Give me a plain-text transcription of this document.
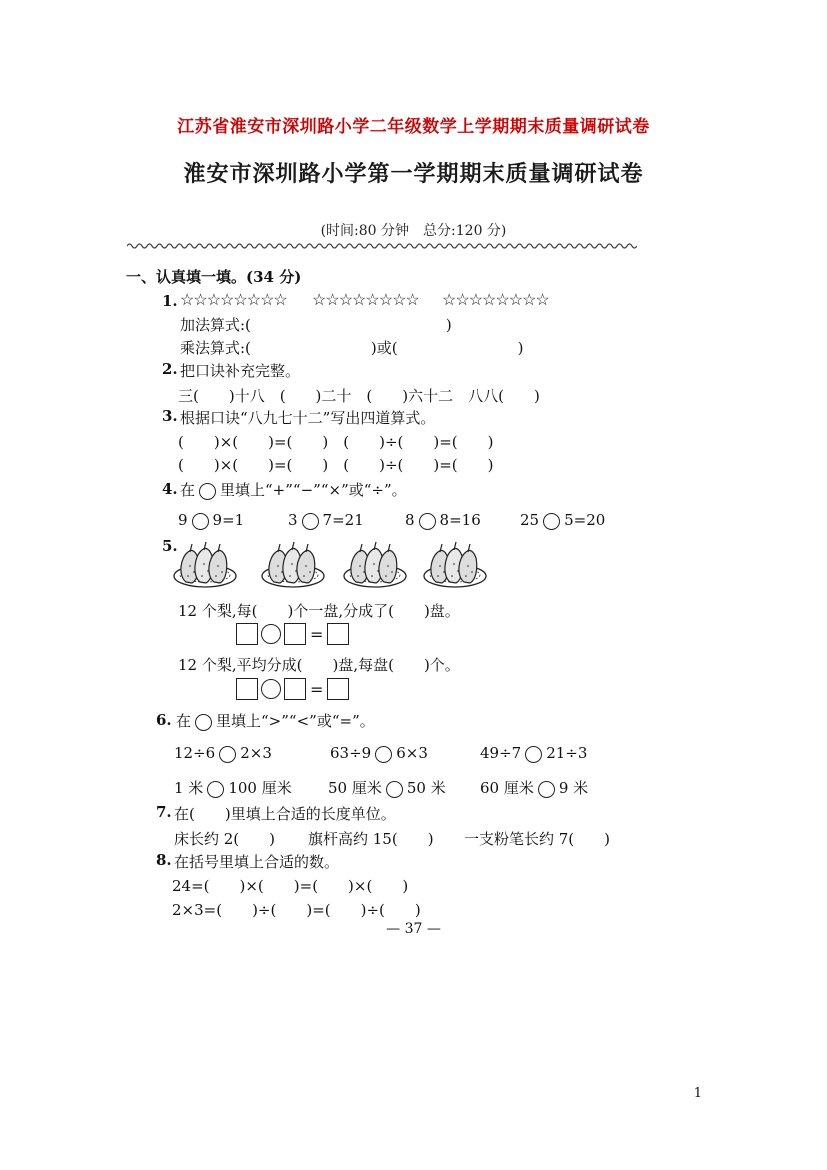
江苏省淮安市深圳路小学二年级数学上学期期末质量调研试卷
淮安市深圳路小学第一学期期末质量调研试卷
(时间:80 分钟　总分:120 分)
一、认真填一填。(34 分)
1. ☆☆☆☆☆☆☆☆ ☆☆☆☆☆☆☆☆ ☆☆☆☆☆☆☆☆
加法算式:(　　　　　　　　　　　　　)
乘法算式:(　　　　　　　　)或(　　　　　　　　)
2. 把口诀补充完整。
三(　　)十八　(　　)二十　(　　)六十二　八八(　　)
3. 根据口诀“八九七十二”写出四道算式。
(　　)×(　　)=(　　)　(　　)÷(　　)=(　　)
(　　)×(　　)=(　　)　(　　)÷(　　)=(　　)
4. 在 里填上“+”“−”“×”或“÷”。
9 9=1	3 7=21	8 8=16	25 5=20
5.
12 个梨,每(　　)个一盘,分成了(　　)盘。
=
12 个梨,平均分成(　　)盘,每盘(　　)个。
=
6. 在 里填上“>”“<”或“=”。
12÷6 2×3	63÷9 6×3	49÷7 21÷3
1 米 100 厘米 50 厘米 50 米 60 厘米 9 米
7. 在(　　)里填上合适的长度单位。
床长约 2(　　) 旗杆高约 15(　　) 一支粉笔长约 7(　　)
8. 在括号里填上合适的数。
24=(　　)×(　　)=(　　)×(　　)
2×3=(　　)÷(　　)=(　　)÷(　　)
— 37 —
1
